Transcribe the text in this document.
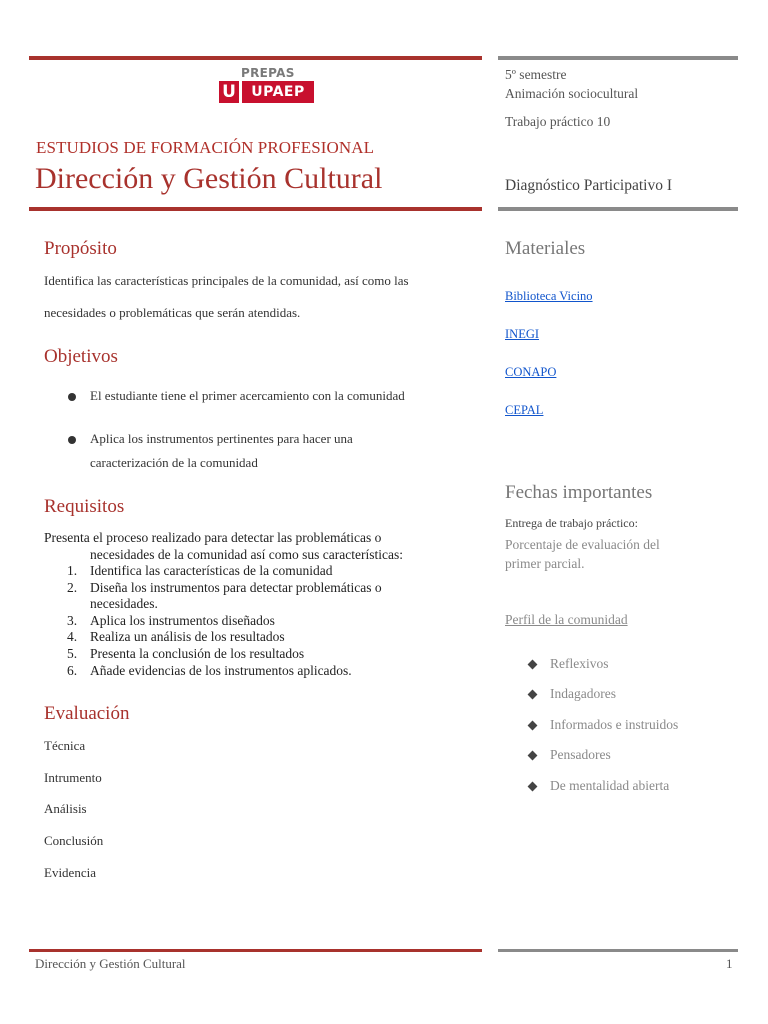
PREPAS
U	UPAEP
ESTUDIOS DE FORMACIÓN PROFESIONAL
Dirección y Gestión Cultural
5º semestre
Animación sociocultural
Trabajo práctico 10
Diagnóstico Participativo I
Propósito
Identifica las características principales de la comunidad, así como las
necesidades o problemáticas que serán atendidas.
Objetivos
El estudiante tiene el primer acercamiento con la comunidad
Aplica los instrumentos pertinentes para hacer una
caracterización de la comunidad
Requisitos
Presenta el proceso realizado para detectar las problemáticas o
necesidades de la comunidad así como sus características:
1. Identifica las características de la comunidad
2. Diseña los instrumentos para detectar problemáticas o
necesidades.
3. Aplica los instrumentos diseñados
4. Realiza un análisis de los resultados
5. Presenta la conclusión de los resultados
6. Añade evidencias de los instrumentos aplicados.
Evaluación
Técnica
Intrumento
Análisis
Conclusión
Evidencia
Materiales
Biblioteca Vicino
INEGI
CONAPO
CEPAL
Fechas importantes
Entrega de trabajo práctico:
Porcentaje de evaluación del
primer parcial.
Perfil de la comunidad
Reflexivos
Indagadores
Informados e instruidos
Pensadores
De mentalidad abierta
Dirección y Gestión Cultural	1
